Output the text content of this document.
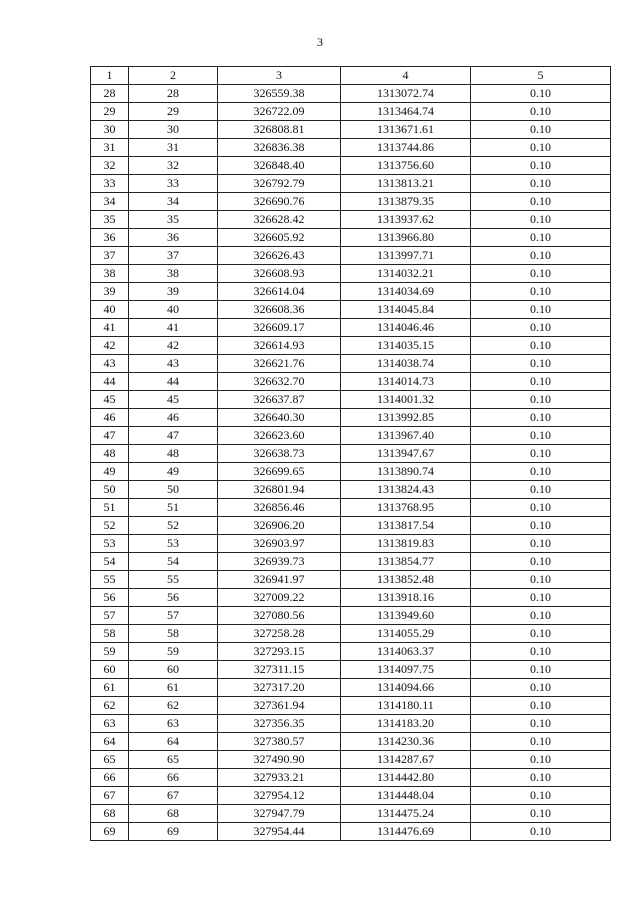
3
1	2	3	4	5
28	28	326559.38	1313072.74	0.10
29	29	326722.09	1313464.74	0.10
30	30	326808.81	1313671.61	0.10
31	31	326836.38	1313744.86	0.10
32	32	326848.40	1313756.60	0.10
33	33	326792.79	1313813.21	0.10
34	34	326690.76	1313879.35	0.10
35	35	326628.42	1313937.62	0.10
36	36	326605.92	1313966.80	0.10
37	37	326626.43	1313997.71	0.10
38	38	326608.93	1314032.21	0.10
39	39	326614.04	1314034.69	0.10
40	40	326608.36	1314045.84	0.10
41	41	326609.17	1314046.46	0.10
42	42	326614.93	1314035.15	0.10
43	43	326621.76	1314038.74	0.10
44	44	326632.70	1314014.73	0.10
45	45	326637.87	1314001.32	0.10
46	46	326640.30	1313992.85	0.10
47	47	326623.60	1313967.40	0.10
48	48	326638.73	1313947.67	0.10
49	49	326699.65	1313890.74	0.10
50	50	326801.94	1313824.43	0.10
51	51	326856.46	1313768.95	0.10
52	52	326906.20	1313817.54	0.10
53	53	326903.97	1313819.83	0.10
54	54	326939.73	1313854.77	0.10
55	55	326941.97	1313852.48	0.10
56	56	327009.22	1313918.16	0.10
57	57	327080.56	1313949.60	0.10
58	58	327258.28	1314055.29	0.10
59	59	327293.15	1314063.37	0.10
60	60	327311.15	1314097.75	0.10
61	61	327317.20	1314094.66	0.10
62	62	327361.94	1314180.11	0.10
63	63	327356.35	1314183.20	0.10
64	64	327380.57	1314230.36	0.10
65	65	327490.90	1314287.67	0.10
66	66	327933.21	1314442.80	0.10
67	67	327954.12	1314448.04	0.10
68	68	327947.79	1314475.24	0.10
69	69	327954.44	1314476.69	0.10
